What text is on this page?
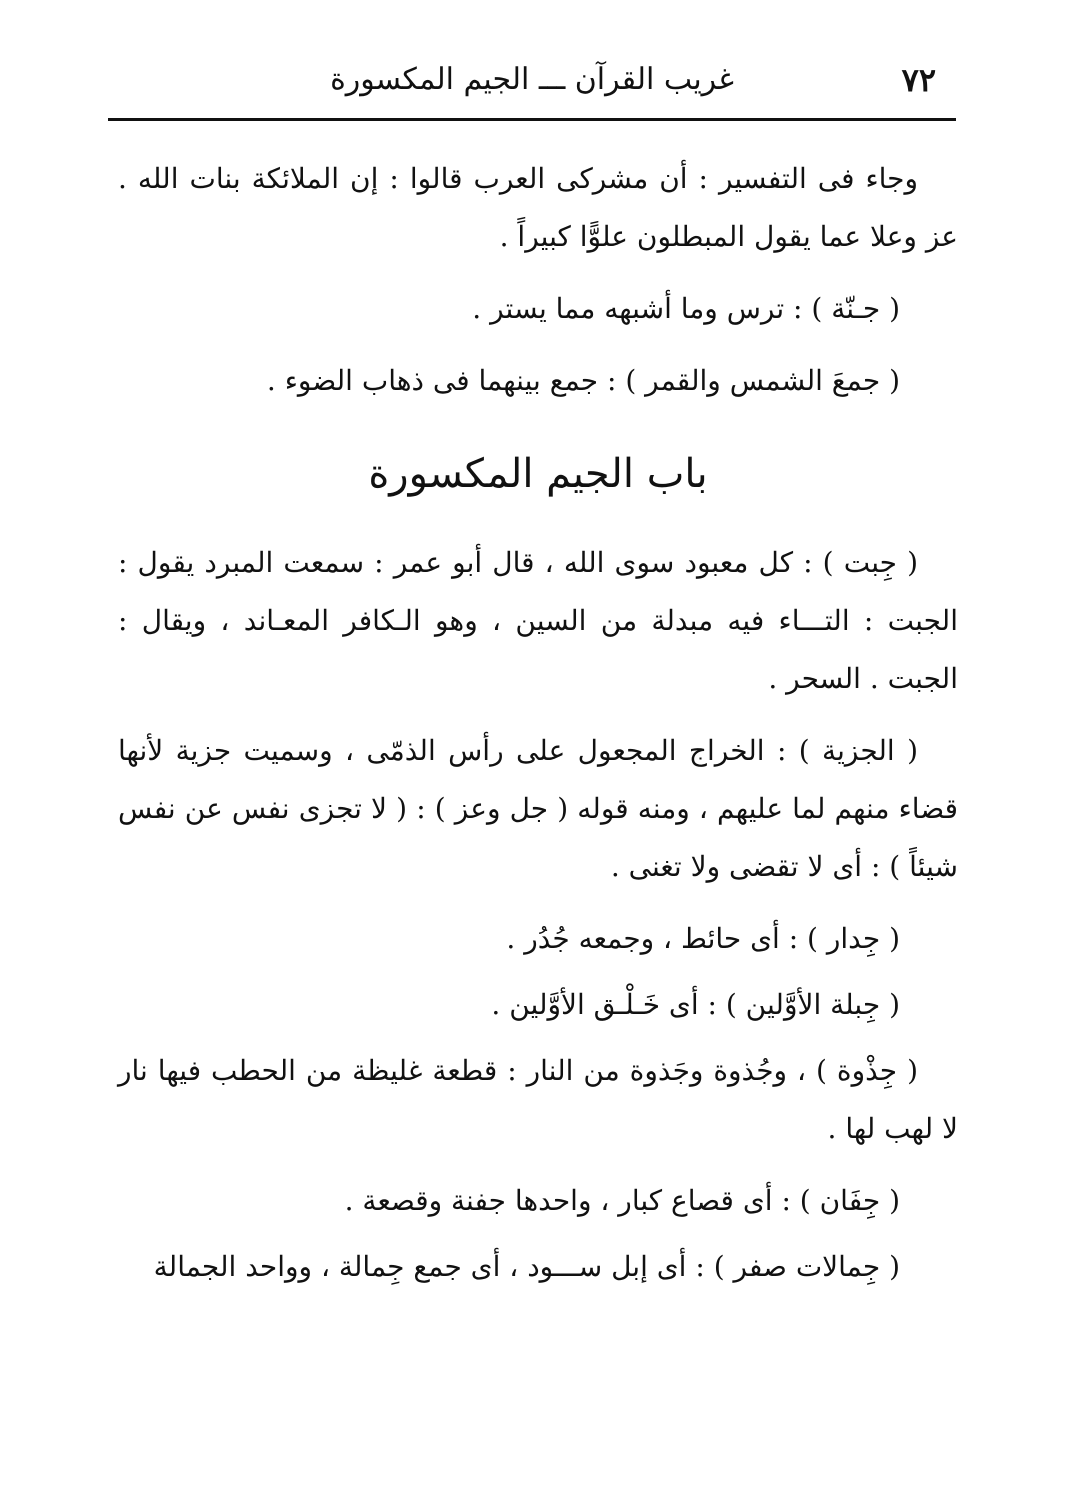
٧٢
غريب القرآن ـــ الجيم المكسورة

وجاء فى التفسير : أن مشركى العرب قالوا : إن الملائكة بنات الله . عز وعلا عما يقول المبطلون علوًّا كبيراً .

( جـنّة ) : ترس وما أشبهه مما يستر .

( جمعَ الشمس والقمر ) : جمع بينهما فى ذهاب الضوء .

باب الجيم المكسورة

( جِبت ) : كل معبود سوى الله ، قال أبو عمر : سمعت المبرد يقول : الجبت : التـــاء فيه مبدلة من السين ، وهو الـكافر المعـاند ، ويقال : الجبت . السحر .

( الجزية ) : الخراج المجعول على رأس الذمّى ، وسميت جزية لأنها قضاء منهم لما عليهم ، ومنه قوله ( جل وعز ) : ( لا تجزى نفس عن نفس شيئاً ) : أى لا تقضى ولا تغنى .

( جِدار ) : أى حائط ، وجمعه جُدُر .

( جِبلة الأوَّلين ) : أى خَـلْـق الأوَّلين .

( جِذْوة ) ، وجُذوة وجَذوة من النار : قطعة غليظة من الحطب فيها نار لا لهب لها .

( جِفَان ) : أى قصاع كبار ، واحدها جفنة وقصعة .

( جِمالات صفر ) : أى إبل ســـود ، أى جمع جِمالة ، وواحد الجمالة
